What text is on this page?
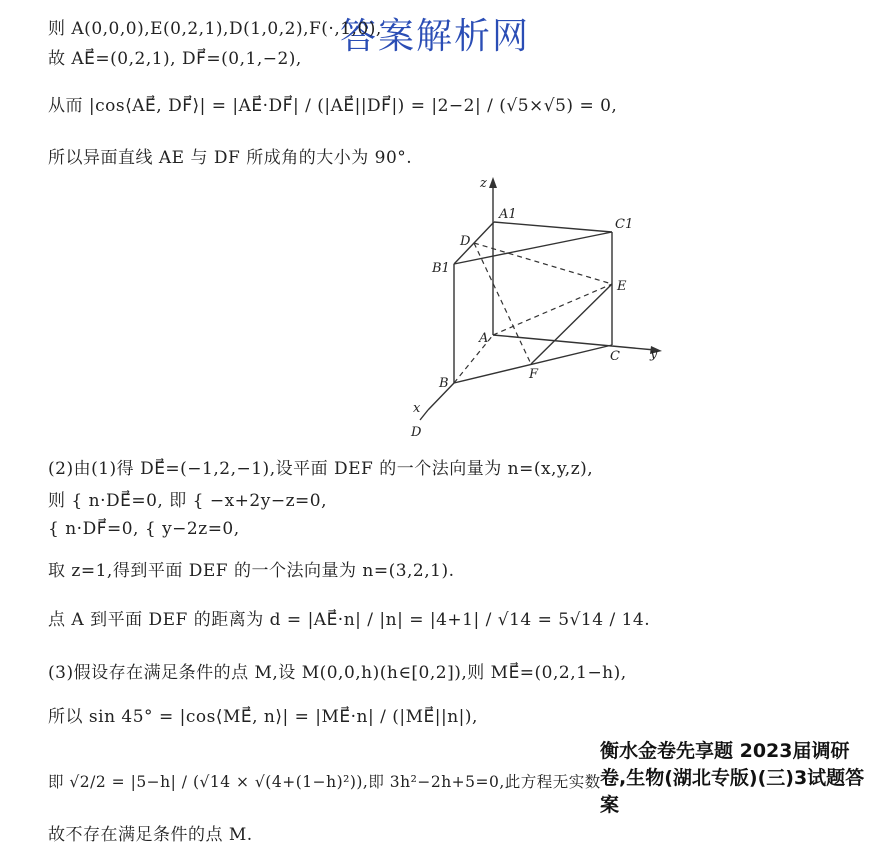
答案解析网
则 A(0,0,0),E(0,2,1),D(1,0,2),F(·,1,0),
故 AE⃗=(0,2,1), DF⃗=(0,1,−2),
从而 |cos⟨AE⃗, DF⃗⟩| = |AE⃗·DF⃗| / (|AE⃗||DF⃗|) = |2−2| / (√5×√5) = 0,
所以异面直线 AE 与 DF 所成角的大小为 90°.
z
A1
C1
D
B1
E
A
C y
F
B
x
D
(2)由(1)得 DE⃗=(−1,2,−1),设平面 DEF 的一个法向量为 n=(x,y,z),
则 { n·DE⃗=0, 即 { −x+2y−z=0,
{ n·DF⃗=0, { y−2z=0,
取 z=1,得到平面 DEF 的一个法向量为 n=(3,2,1).
点 A 到平面 DEF 的距离为 d = |AE⃗·n| / |n| = |4+1| / √14 = 5√14 / 14.
(3)假设存在满足条件的点 M,设 M(0,0,h)(h∈[0,2]),则 ME⃗=(0,2,1−h),
所以 sin 45° = |cos⟨ME⃗, n⟩| = |ME⃗·n| / (|ME⃗||n|),
即 √2/2 = |5−h| / (√14 × √(4+(1−h)²)),即 3h²−2h+5=0,此方程无实数
故不存在满足条件的点 M.
衡水金卷先享题 2023届调研卷,生物(湖北专版)(三)3试题答案
